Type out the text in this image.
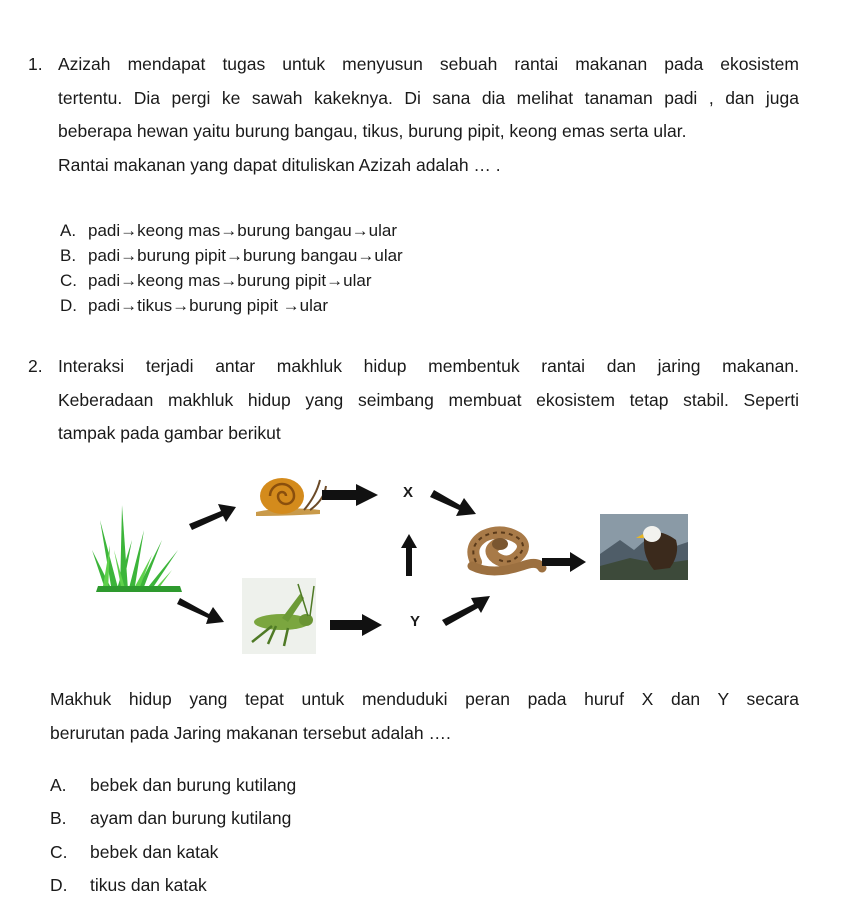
1. Azizah mendapat tugas untuk menyusun sebuah rantai makanan pada ekosistem
tertentu. Dia pergi ke sawah kakeknya. Di sana dia melihat tanaman padi , dan juga
beberapa hewan yaitu burung bangau, tikus, burung pipit, keong emas serta ular.
Rantai makanan yang dapat dituliskan Azizah adalah … .
A. padi→keong mas→burung bangau→ular
B. padi→burung pipit→burung bangau→ular
C. padi→keong mas→burung pipit→ular
D. padi→tikus→burung pipit →ular
2. Interaksi terjadi antar makhluk hidup membentuk rantai dan jaring makanan.
Keberadaan makhluk hidup yang seimbang membuat ekosistem tetap stabil. Seperti
tampak pada gambar berikut
X
Y
Makhuk hidup yang tepat untuk menduduki peran pada huruf X dan Y secara
berurutan pada Jaring makanan tersebut adalah ….
A. bebek dan burung kutilang
B. ayam dan burung kutilang
C. bebek dan katak
D. tikus dan katak
